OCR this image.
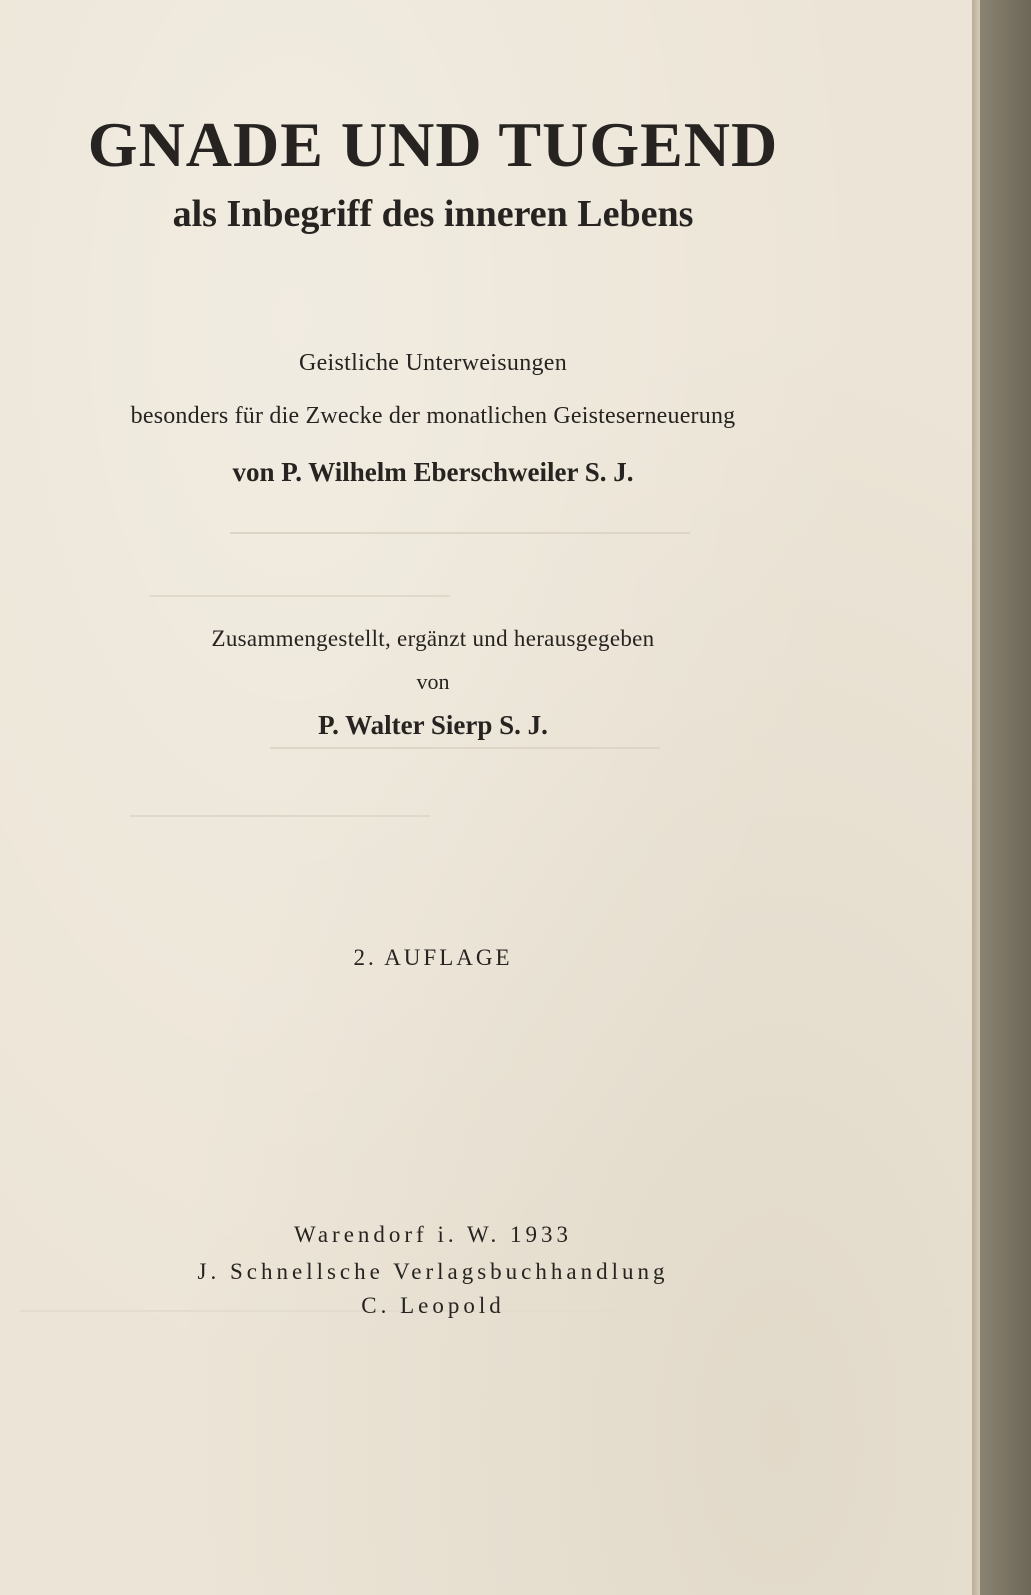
GNADE UND TUGEND
als Inbegriff des inneren Lebens
Geistliche Unterweisungen
besonders für die Zwecke der monatlichen Geisteserneuerung
von P. Wilhelm Eberschweiler S. J.
Zusammengestellt, ergänzt und herausgegeben
von
P. Walter Sierp S. J.
2. AUFLAGE
Warendorf i. W. 1933
J. Schnellsche Verlagsbuchhandlung
C. Leopold
